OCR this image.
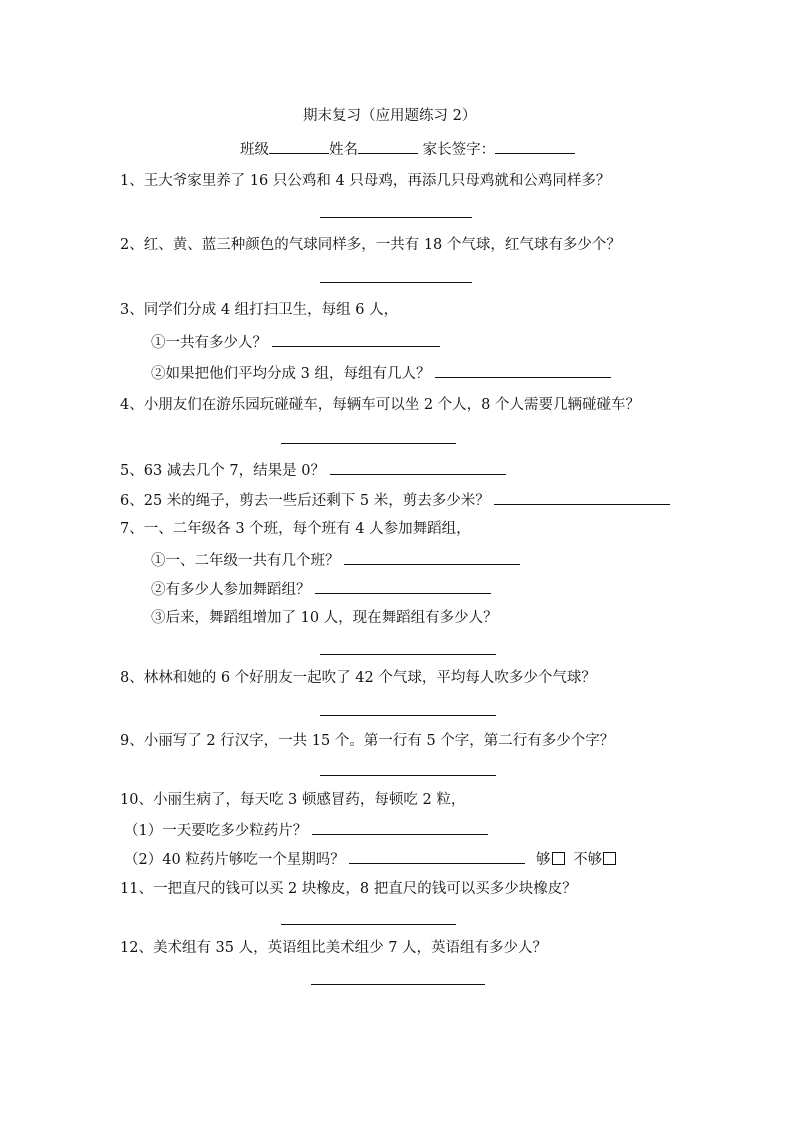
期末复习（应用题练习 2）
班级	姓名	家长签字：
1、王大爷家里养了 16 只公鸡和 4 只母鸡，再添几只母鸡就和公鸡同样多？
2、红、黄、蓝三种颜色的气球同样多，一共有 18 个气球，红气球有多少个？
3、同学们分成 4 组打扫卫生，每组 6 人，
①一共有多少人？
②如果把他们平均分成 3 组，每组有几人？
4、小朋友们在游乐园玩碰碰车，每辆车可以坐 2 个人，8 个人需要几辆碰碰车？
5、63 减去几个 7，结果是 0？
6、25 米的绳子，剪去一些后还剩下 5 米，剪去多少米？
7、一、二年级各 3 个班，每个班有 4 人参加舞蹈组，
①一、二年级一共有几个班？
②有多少人参加舞蹈组？
③后来，舞蹈组增加了 10 人，现在舞蹈组有多少人？
8、林林和她的 6 个好朋友一起吹了 42 个气球，平均每人吹多少个气球？
9、小丽写了 2 行汉字，一共 15 个。第一行有 5 个字，第二行有多少个字？
10、小丽生病了，每天吃 3 顿感冒药，每顿吃 2 粒，
（1）一天要吃多少粒药片？
（2）40 粒药片够吃一个星期吗？	够 不够
11、一把直尺的钱可以买 2 块橡皮，8 把直尺的钱可以买多少块橡皮？
12、美术组有 35 人，英语组比美术组少 7 人，英语组有多少人？
